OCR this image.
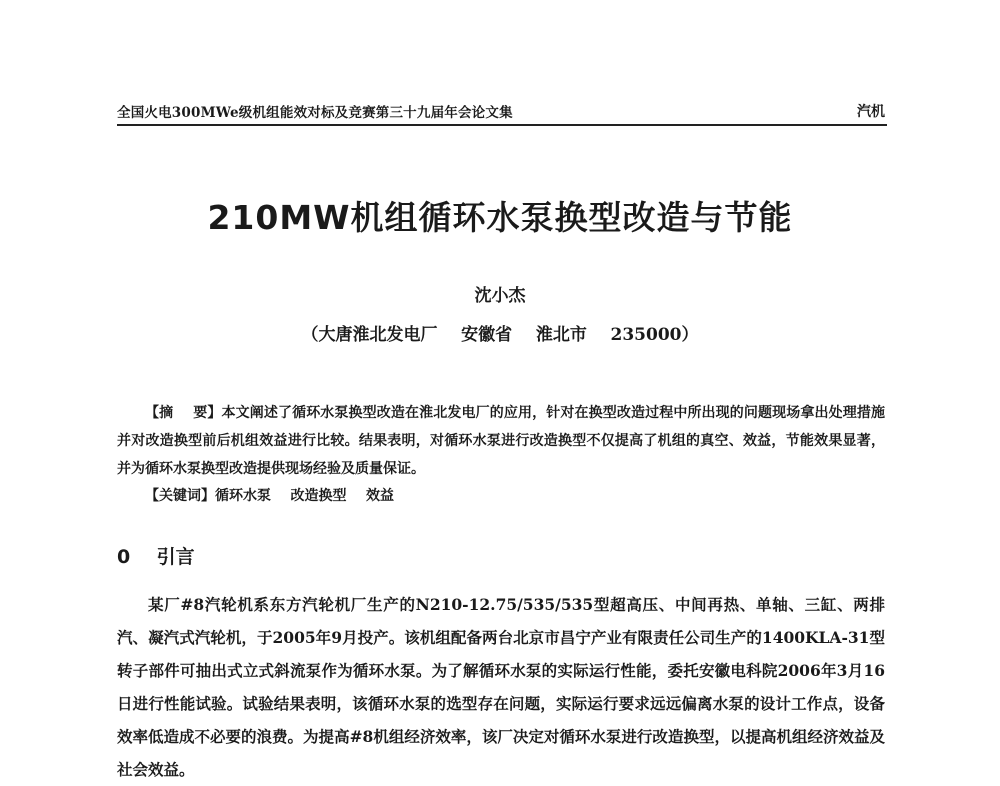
全国火电300MWe级机组能效对标及竞赛第三十九届年会论文集	汽机
210MW机组循环水泵换型改造与节能
沈小杰
（大唐淮北发电厂    安徽省    淮北市    235000）
【摘    要】本文阐述了循环水泵换型改造在淮北发电厂的应用，针对在换型改造过程中所出现的问题现场拿出处理措施并对改造换型前后机组效益进行比较。结果表明，对循环水泵进行改造换型不仅提高了机组的真空、效益，节能效果显著，并为循环水泵换型改造提供现场经验及质量保证。
【关键词】循环水泵    改造换型    效益
0    引言
某厂#8汽轮机系东方汽轮机厂生产的N210-12.75/535/535型超高压、中间再热、单轴、三缸、两排汽、凝汽式汽轮机，于2005年9月投产。该机组配备两台北京市昌宁产业有限责任公司生产的1400KLA-31型转子部件可抽出式立式斜流泵作为循环水泵。为了解循环水泵的实际运行性能，委托安徽电科院2006年3月16日进行性能试验。试验结果表明，该循环水泵的选型存在问题，实际运行要求远远偏离水泵的设计工作点，设备效率低造成不必要的浪费。为提高#8机组经济效率，该厂决定对循环水泵进行改造换型，以提高机组经济效益及社会效益。
